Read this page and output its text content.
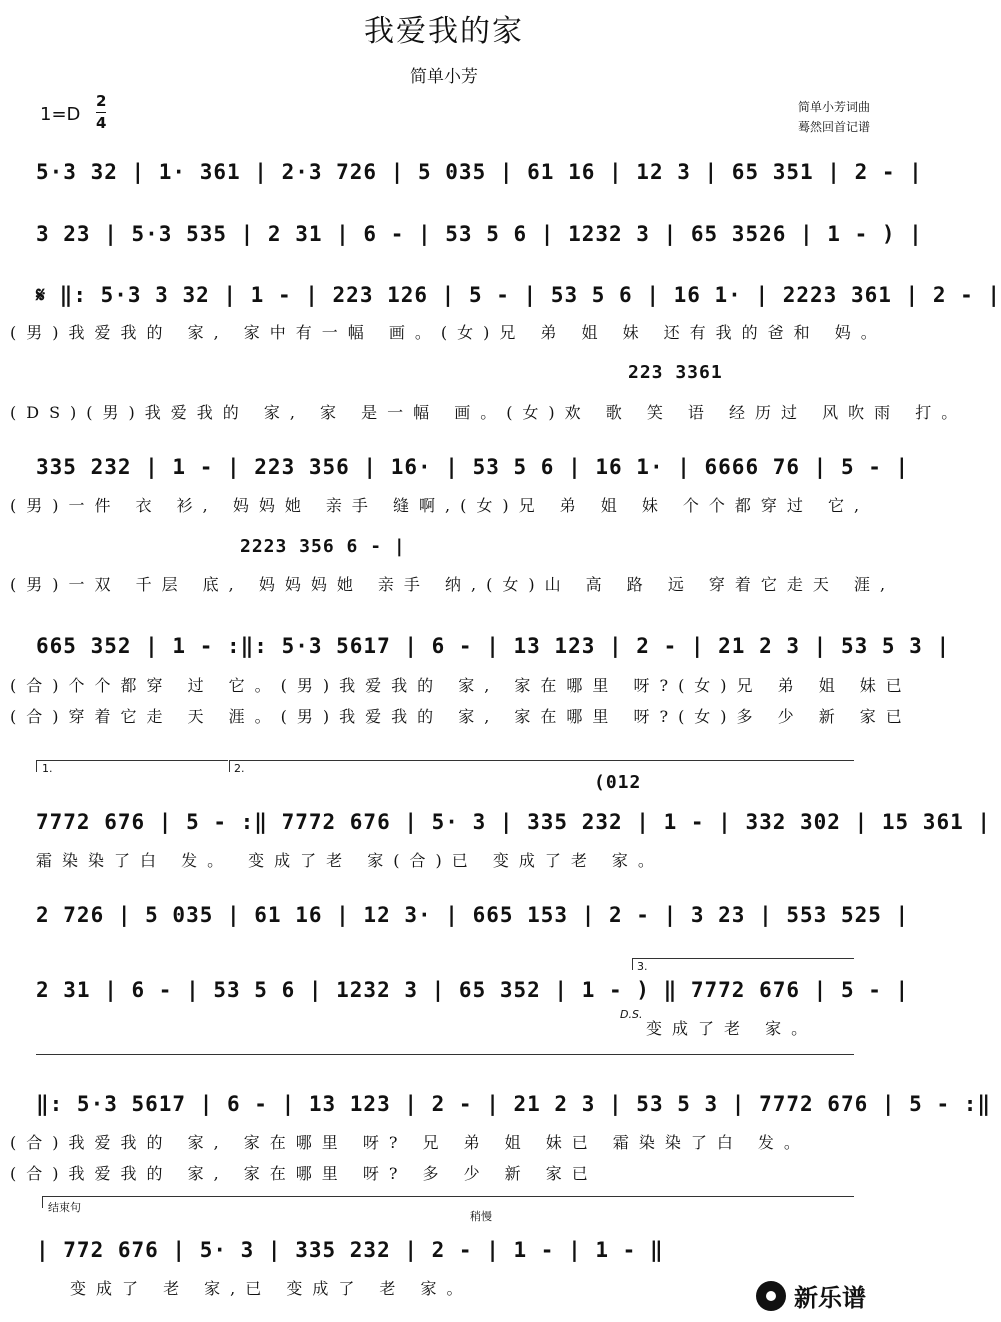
我爱我的家
简单小芳
$1=D \frac{2}{4}$	简单小芳词曲
蓦然回首记谱
5·3 32 | 1· 361 | 2·3 726 | 5 035 | 61 16 | 12 3 | 65 351 | 2 - |
3 23 | 5·3 535 | 2 31 | 6 - | 53 5 6 | 1232 3 | 65 3526 | 1 - ) |
𝄋 ‖: 5·3 3 32 | 1 - | 223 126 | 5 - | 53 5 6 | 16 1· | 2223 361 | 2 - |
(男)我爱我的 家, 家中有一幅 画。(女)兄 弟 姐 妹 还有我的爸和 妈。
223 3361
(DS)(男)我爱我的 家, 家 是一幅 画。(女)欢 歌 笑 语 经历过 风吹雨 打。
335 232 | 1 - | 223 356 | 16· | 53 5 6 | 16 1· | 6666 76 | 5 - |
(男)一件 衣 衫, 妈妈她 亲手 缝啊,(女)兄 弟 姐 妹 个个都穿过 它,
2223 356 6 - |
(男)一双 千层 底, 妈妈妈她 亲手 纳,(女)山 高 路 远 穿着它走天 涯,
665 352 | 1 - :‖: 5·3 5617 | 6 - | 13 123 | 2 - | 21 2 3 | 53 5 3 |
(合)个个都穿 过 它。(男)我爱我的 家, 家在哪里 呀?(女)兄 弟 姐 妹已
(合)穿着它走 天 涯。(男)我爱我的 家, 家在哪里 呀?(女)多 少 新 家已
1.	2.
(012
7772 676 | 5 - :‖ 7772 676 | 5· 3 | 335 232 | 1 - | 332 302 | 15 361 |
霜染染了白 发。 变成了老 家(合)已 变成了老 家。
2 726 | 5 035 | 61 16 | 12 3· | 665 153 | 2 - | 3 23 | 553 525 |
3.
2 31 | 6 - | 53 5 6 | 1232 3 | 65 352 | 1 - ) ‖ 7772 676 | 5 - |
D.S.
变成了老 家。
‖: 5·3 5617 | 6 - | 13 123 | 2 - | 21 2 3 | 53 5 3 | 7772 676 | 5 - :‖
(合)我爱我的 家, 家在哪里 呀? 兄 弟 姐 妹已 霜染染了白 发。
(合)我爱我的 家, 家在哪里 呀? 多 少 新 家已
结束句
稍慢
| 772 676 | 5· 3 | 335 232 | 2 - | 1 - | 1 - ‖
变成了 老 家,已 变成了 老 家。	新乐谱
